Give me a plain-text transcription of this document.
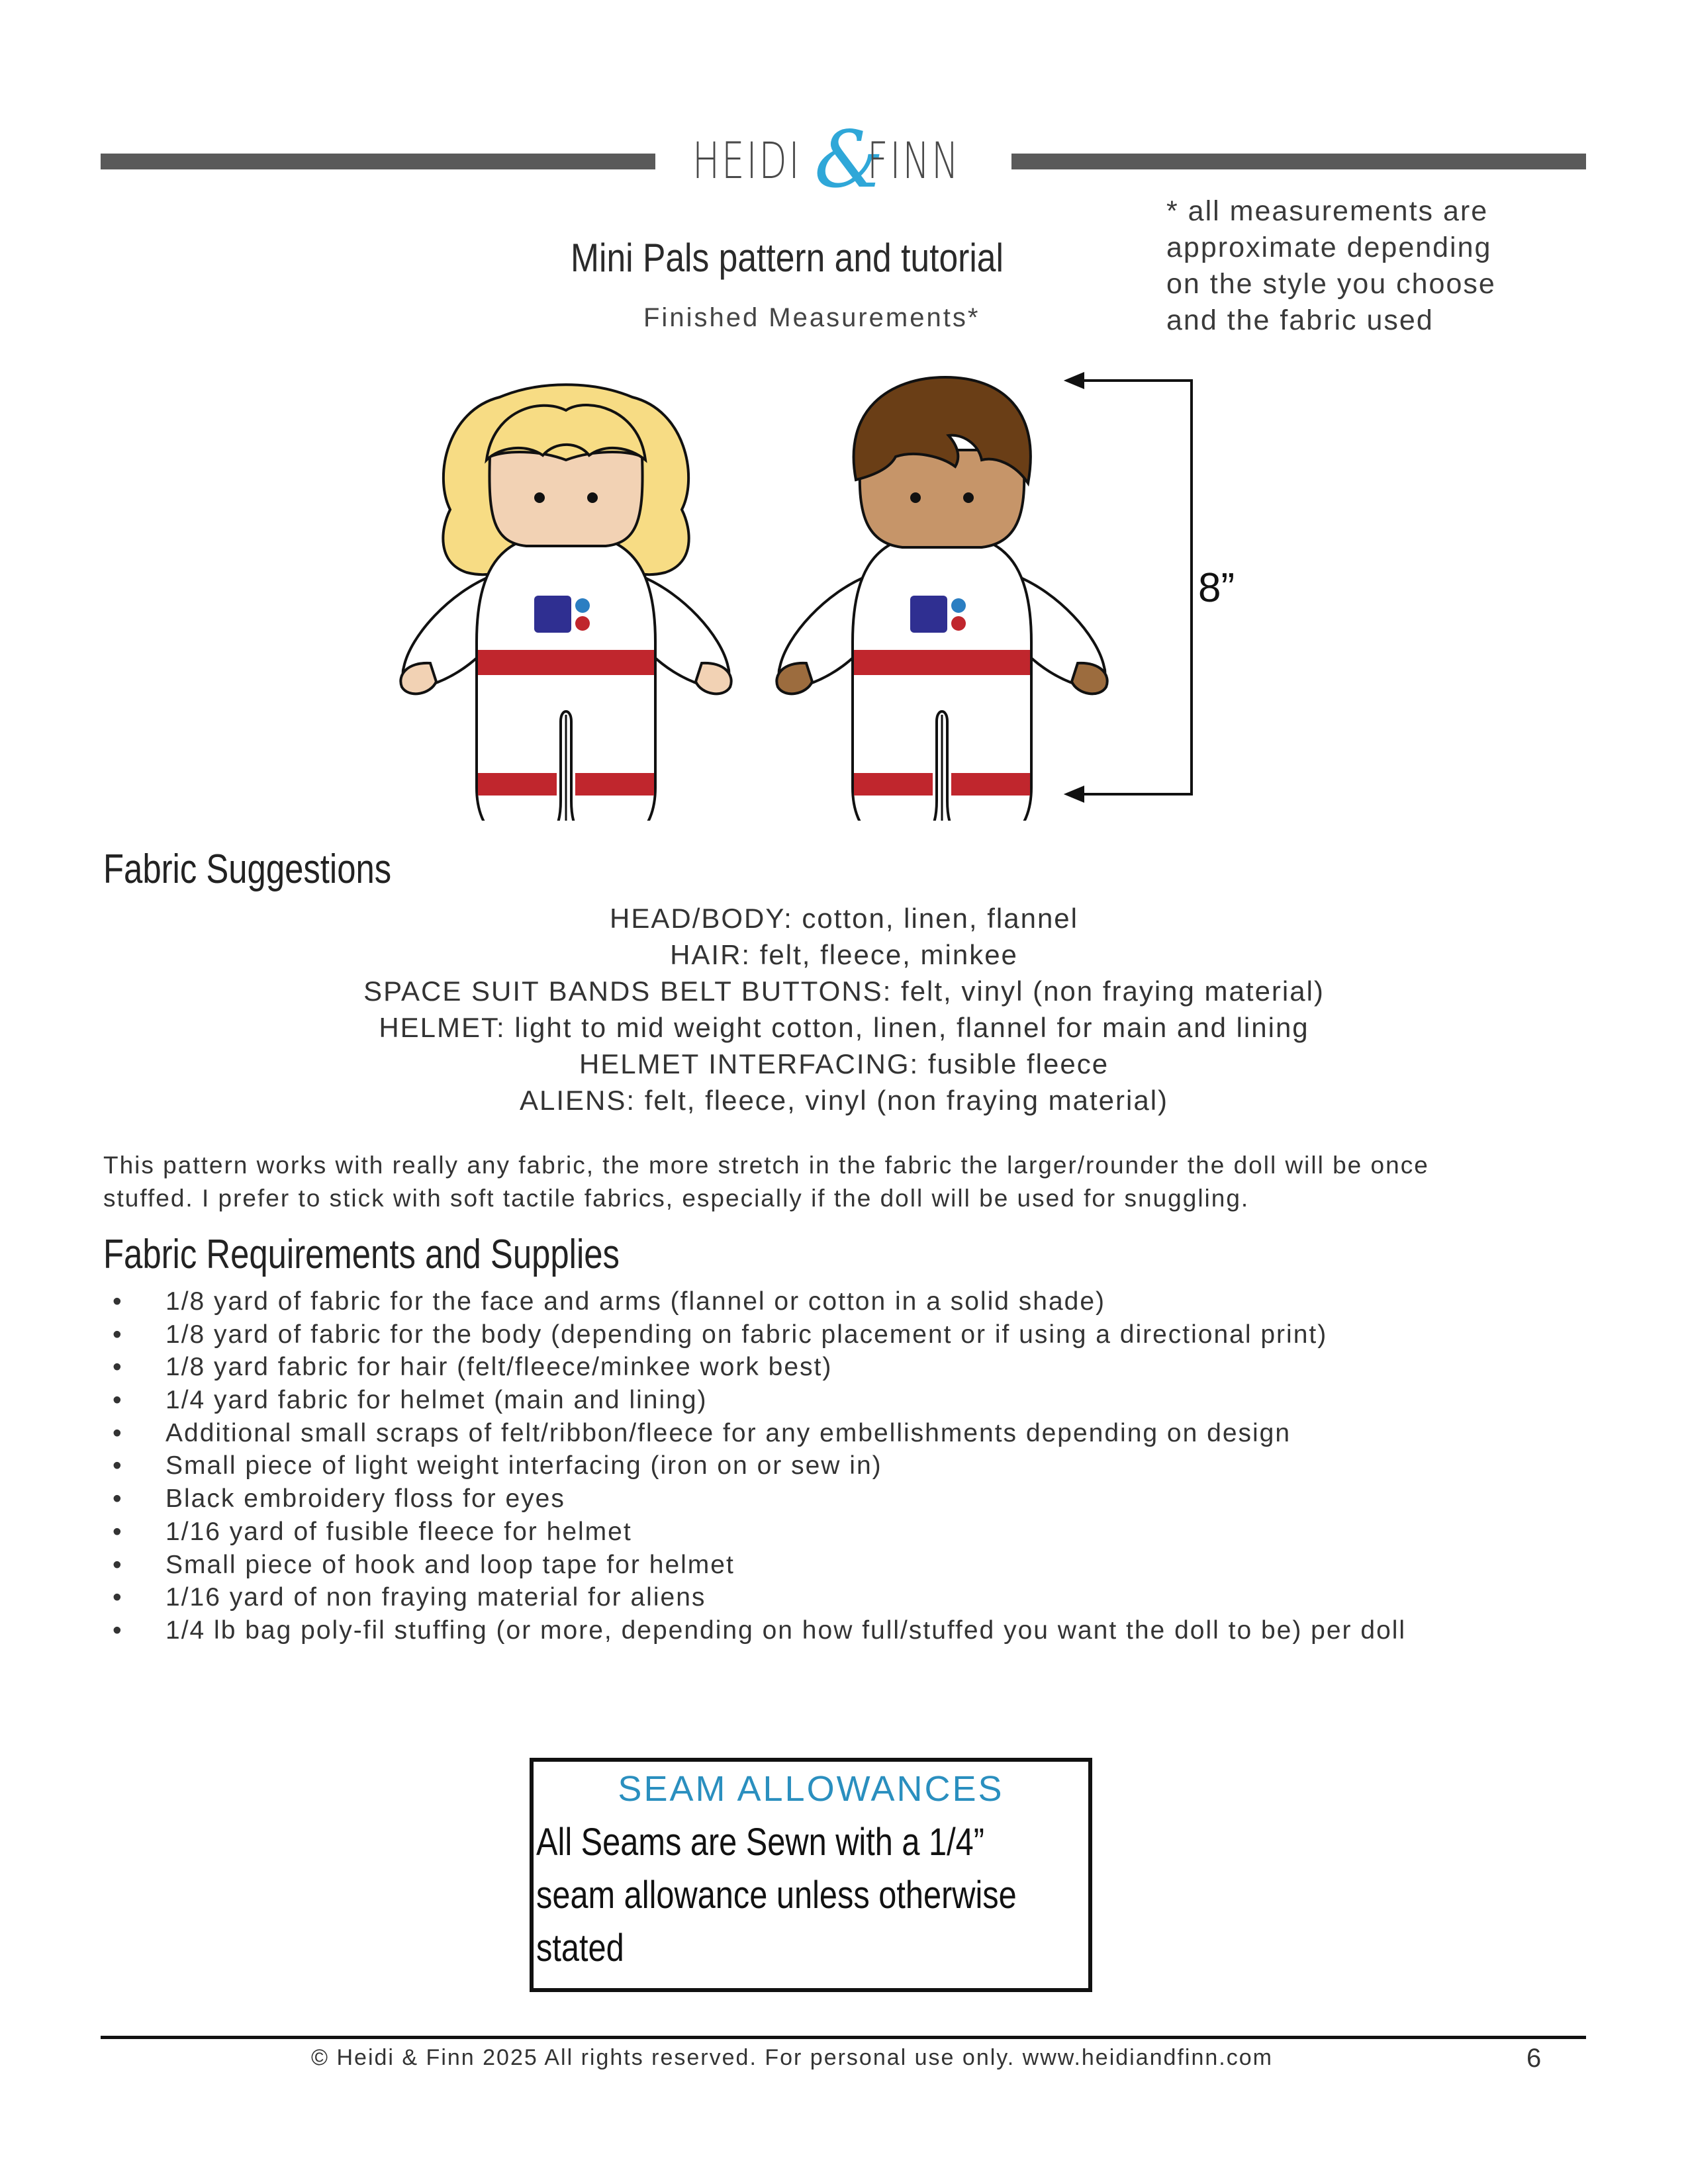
HEIDI &
FINN
Mini Pals pattern and tutorial
Finished Measurements*
* all measurements are
approximate depending
on the style you choose
and the fabric used
8”
Fabric Suggestions
HEAD/BODY: cotton, linen, flannel
HAIR: felt, fleece, minkee
SPACE SUIT BANDS BELT BUTTONS: felt, vinyl (non fraying material)
HELMET: light to mid weight cotton, linen, flannel for main and lining
HELMET INTERFACING: fusible fleece
ALIENS: felt, fleece, vinyl (non fraying material)
This pattern works with really any fabric, the more stretch in the fabric the larger/rounder the doll will be once
stuffed. I prefer to stick with soft tactile fabrics, especially if the doll will be used for snuggling.
Fabric Requirements and Supplies
• 1/8 yard of fabric for the face and arms (flannel or cotton in a solid shade)
• 1/8 yard of fabric for the body (depending on fabric placement or if using a directional print)
• 1/8 yard fabric for hair (felt/fleece/minkee work best)
• 1/4 yard fabric for helmet (main and lining)
• Additional small scraps of felt/ribbon/fleece for any embellishments depending on design
• Small piece of light weight interfacing (iron on or sew in)
• Black embroidery floss for eyes
• 1/16 yard of fusible fleece for helmet
• Small piece of hook and loop tape for helmet
• 1/16 yard of non fraying material for aliens
• 1/4 lb bag poly-fil stuffing (or more, depending on how full/stuffed you want the doll to be) per doll
SEAM ALLOWANCES
All Seams are Sewn with a 1/4”
seam allowance unless otherwise
stated
© Heidi & Finn 2025 All rights reserved. For personal use only. www.heidiandfinn.com	6
